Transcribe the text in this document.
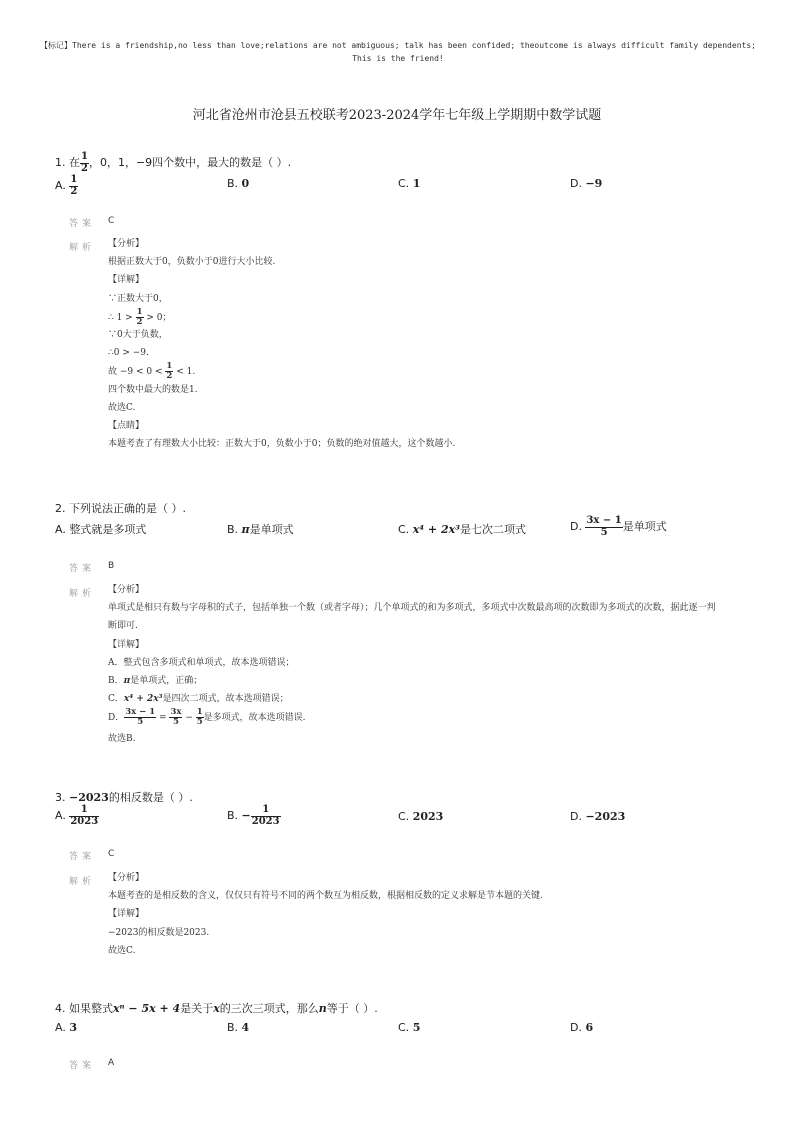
【标记】There is a friendship,no less than love;relations are not ambiguous; talk has been confided; theoutcome is always difficult family dependents; This is the friend!
河北省沧州市沧县五校联考2023-2024学年七年级上学期期中数学试题
1. 在 $\frac{1}{2}$ ，0，1，−9四个数中，最大的数是（ ）.
A. $\frac{1}{2}$	B. 0	C. 1	D. −9
答案 C
解析 【分析】
根据正数大于0，负数小于0进行大小比较.
【详解】
∵正数大于0，
∴ $1 > \frac{1}{2} > 0$；
∵0大于负数，
∴0 > −9.
故 $-9 < 0 < \frac{1}{2} < 1$.
四个数中最大的数是1.
故选C.
【点睛】
本题考查了有理数大小比较：正数大于0，负数小于0；负数的绝对值越大，这个数越小.
2. 下列说法正确的是（ ）.
A. 整式就是多项式	B. π是单项式	C. x⁴ + 2x³是七次二项式	D. $\frac{3x - 1}{5}$ 是单项式
答案 B
解析 【分析】
单项式是相只有数与字母积的式子，包括单独一个数（或者字母）；几个单项式的和为多项式，多项式中次数最高项的次数即为多项式的次数，据此逐一判断即可.
【详解】
A．整式包含多项式和单项式，故本选项错误；
B．π是单项式，正确；
C．x⁴ + 2x³是四次二项式，故本选项错误；
D． $\frac{3x - 1}{5} = \frac{3x}{5} - \frac{1}{5}$ 是多项式，故本选项错误.
故选B.
3. −2023的相反数是（ ）.
A. $\frac{1}{2023}$	B. − $\frac{1}{2023}$	C. 2023	D. −2023
答案 C
解析 【分析】
本题考查的是相反数的含义，仅仅只有符号不同的两个数互为相反数，根据相反数的定义求解是节本题的关键.
【详解】
−2023的相反数是2023.
故选C.
4. 如果整式xⁿ − 5x + 4是关于x的三次三项式，那么n等于（ ）.
A. 3	B. 4	C. 5	D. 6
答案 A
